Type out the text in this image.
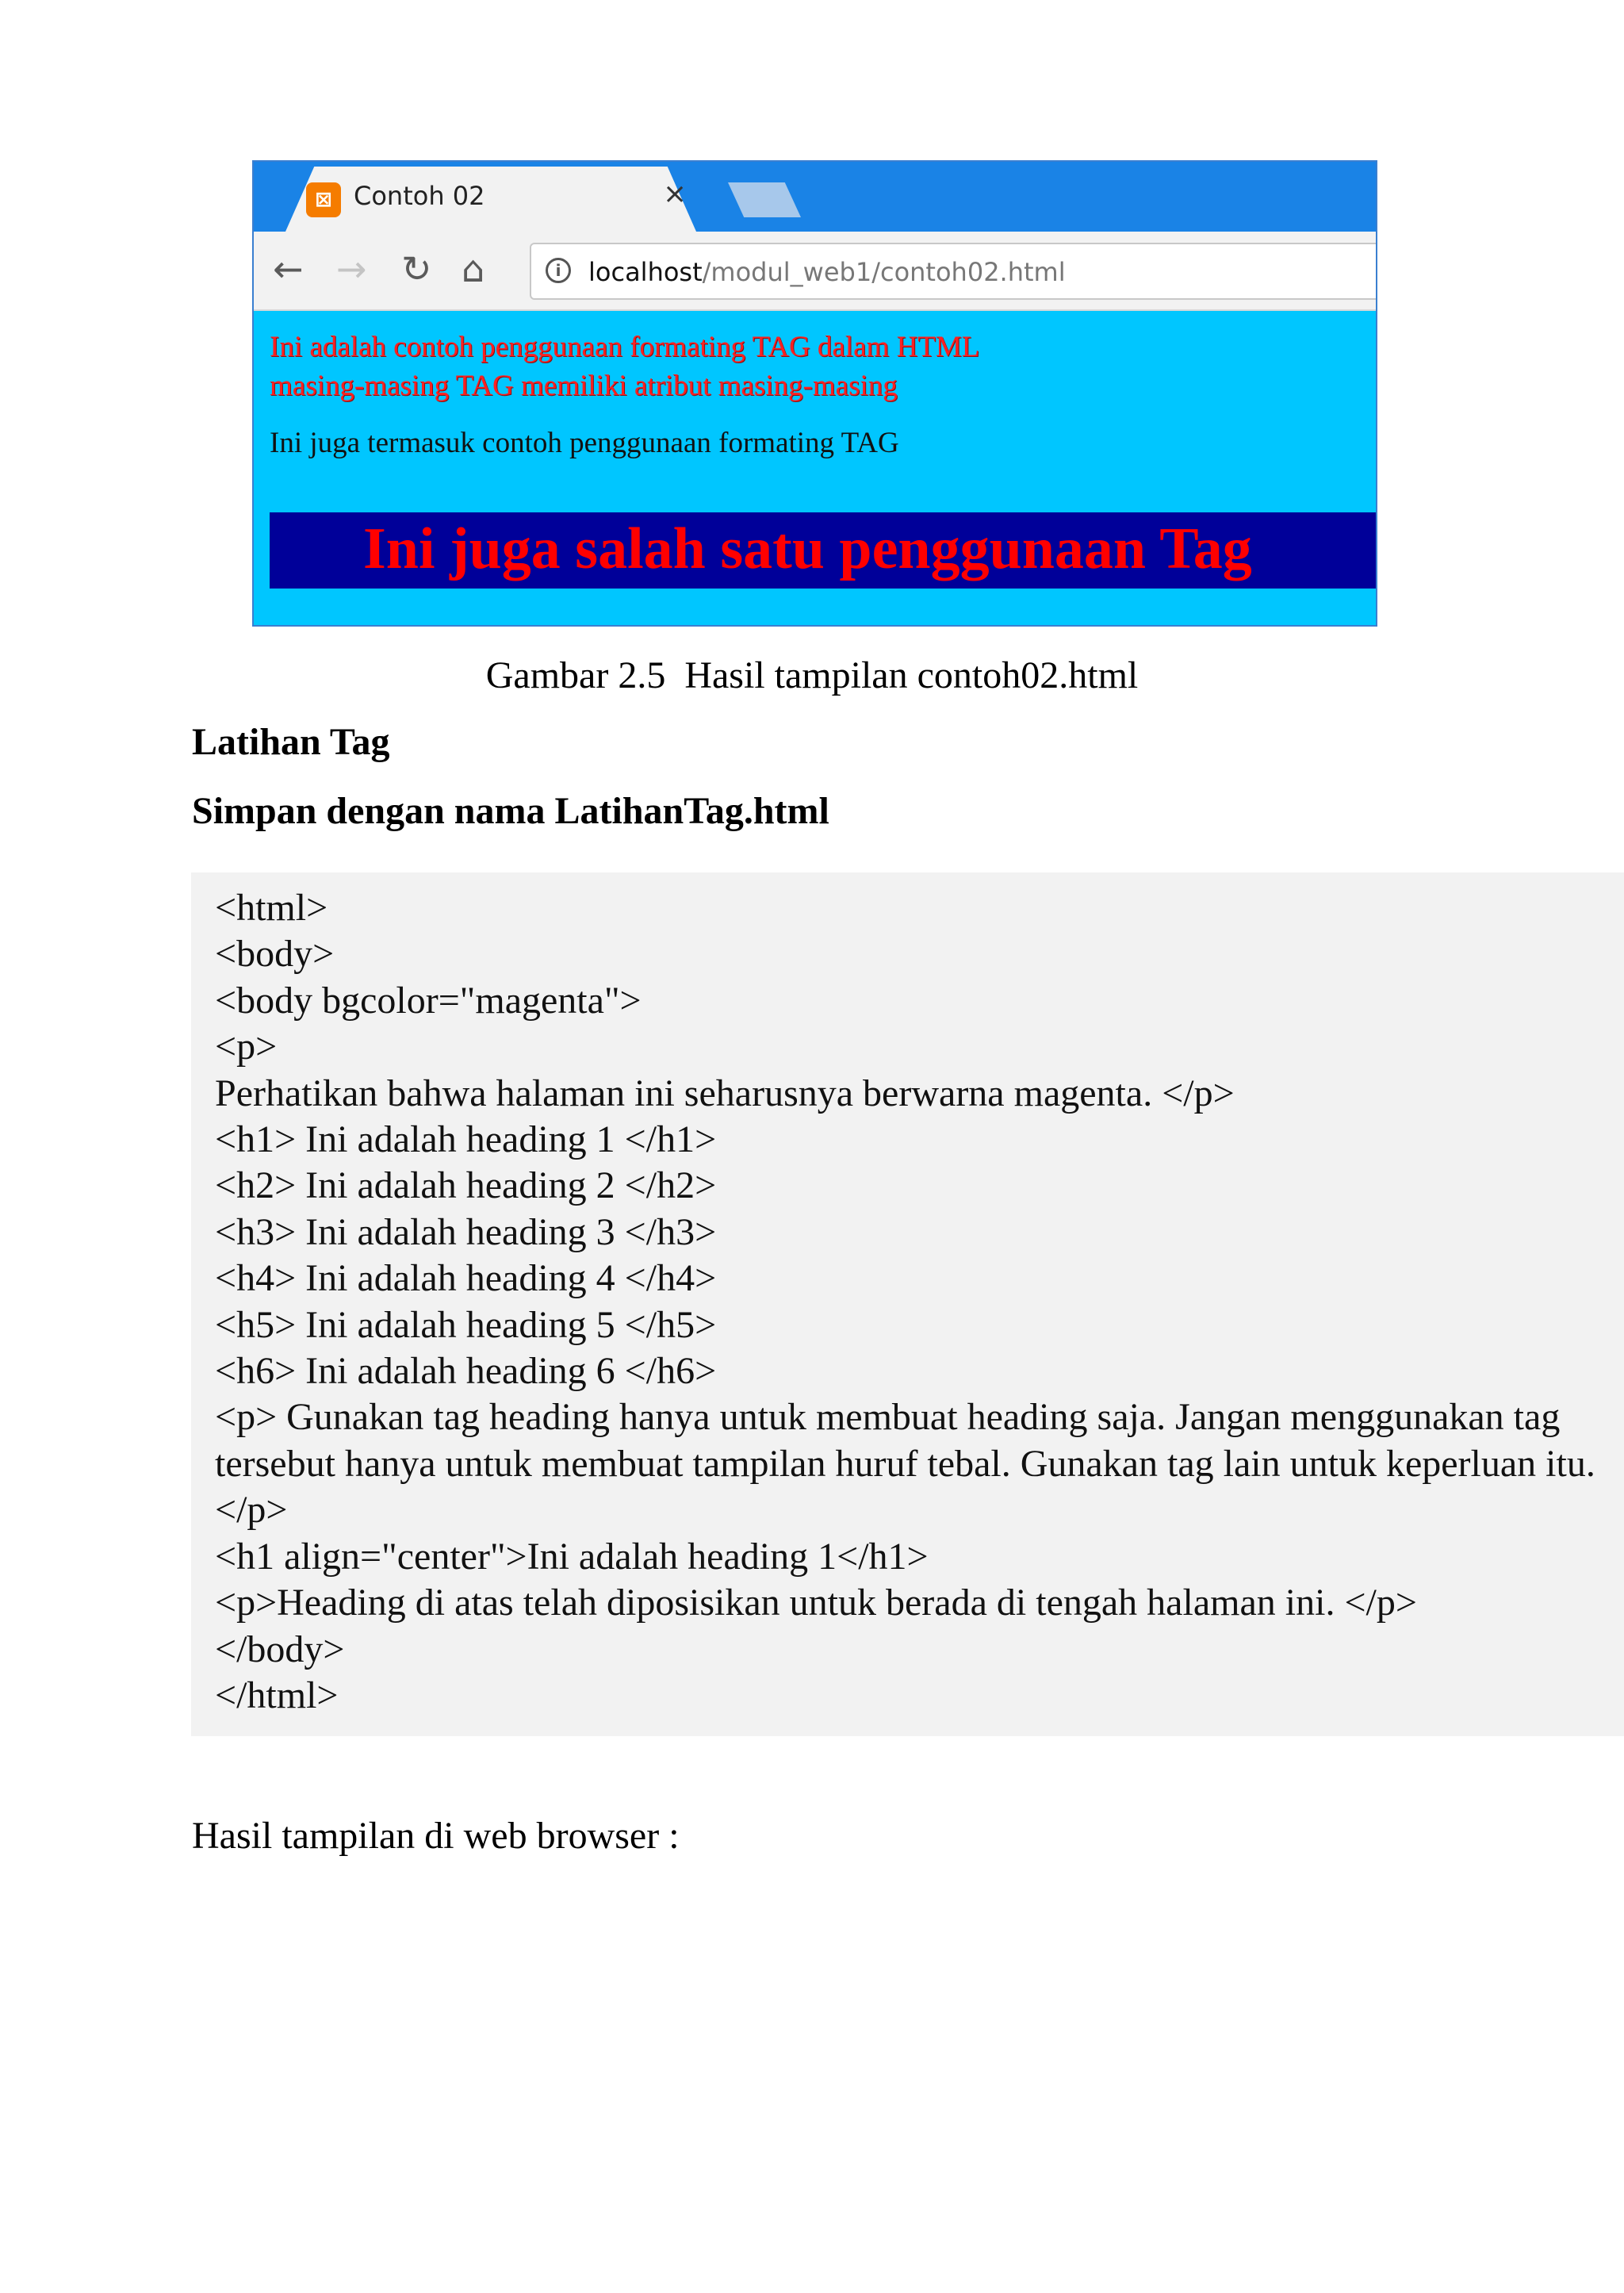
⊠ Contoh 02	×
← → ↻ ⌂	i	localhost/modul_web1/contoh02.html
Ini adalah contoh penggunaan formating TAG dalam HTML
masing-masing TAG memiliki atribut masing-masing
Ini juga termasuk contoh penggunaan formating TAG
Ini juga salah satu penggunaan Tag
Gambar 2.5  Hasil tampilan contoh02.html
Latihan Tag
Simpan dengan nama LatihanTag.html
<html>
<body>
<body bgcolor="magenta">
<p>
Perhatikan bahwa halaman ini seharusnya berwarna magenta. </p>
<h1> Ini adalah heading 1 </h1>
<h2> Ini adalah heading 2 </h2>
<h3> Ini adalah heading 3 </h3>
<h4> Ini adalah heading 4 </h4>
<h5> Ini adalah heading 5 </h5>
<h6> Ini adalah heading 6 </h6>
<p> Gunakan tag heading hanya untuk membuat heading saja. Jangan menggunakan tag tersebut hanya untuk membuat tampilan huruf tebal. Gunakan tag lain untuk keperluan itu. </p>
<h1 align="center">Ini adalah heading 1</h1>
<p>Heading di atas telah diposisikan untuk berada di tengah halaman ini. </p>
</body>
</html>
Hasil tampilan di web browser :
